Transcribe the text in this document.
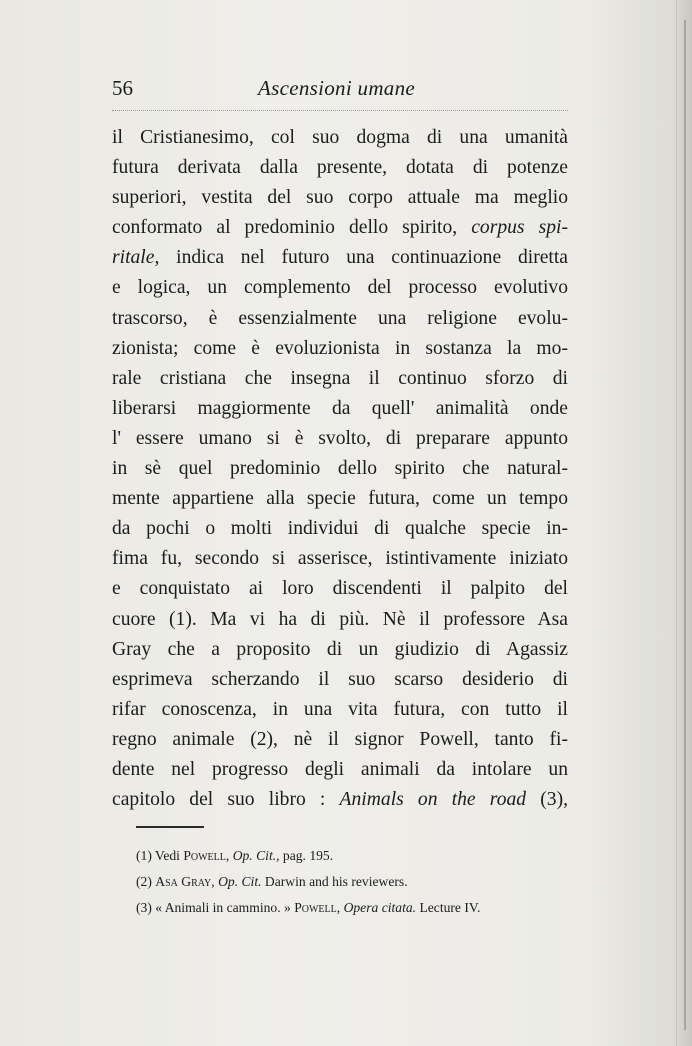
56	Ascensioni umane
il Cristianesimo, col suo dogma di una umanità
futura derivata dalla presente, dotata di potenze
superiori, vestita del suo corpo attuale ma meglio
conformato al predominio dello spirito, corpus spi-
ritale, indica nel futuro una continuazione diretta
e logica, un complemento del processo evolutivo
trascorso, è essenzialmente una religione evolu-
zionista; come è evoluzionista in sostanza la mo-
rale cristiana che insegna il continuo sforzo di
liberarsi maggiormente da quell' animalità onde
l' essere umano si è svolto, di preparare appunto
in sè quel predominio dello spirito che natural-
mente appartiene alla specie futura, come un tempo
da pochi o molti individui di qualche specie in-
fima fu, secondo si asserisce, istintivamente iniziato
e conquistato ai loro discendenti il palpito del
cuore (1). Ma vi ha di più. Nè il professore Asa
Gray che a proposito di un giudizio di Agassiz
esprimeva scherzando il suo scarso desiderio di
rifar conoscenza, in una vita futura, con tutto il
regno animale (2), nè il signor Powell, tanto fi-
dente nel progresso degli animali da intolare un
capitolo del suo libro : Animals on the road (3),
(1) Vedi Powell, Op. Cit., pag. 195.
(2) Asa Gray, Op. Cit. Darwin and his reviewers.
(3) « Animali in cammino. » Powell, Opera citata. Lecture IV.
